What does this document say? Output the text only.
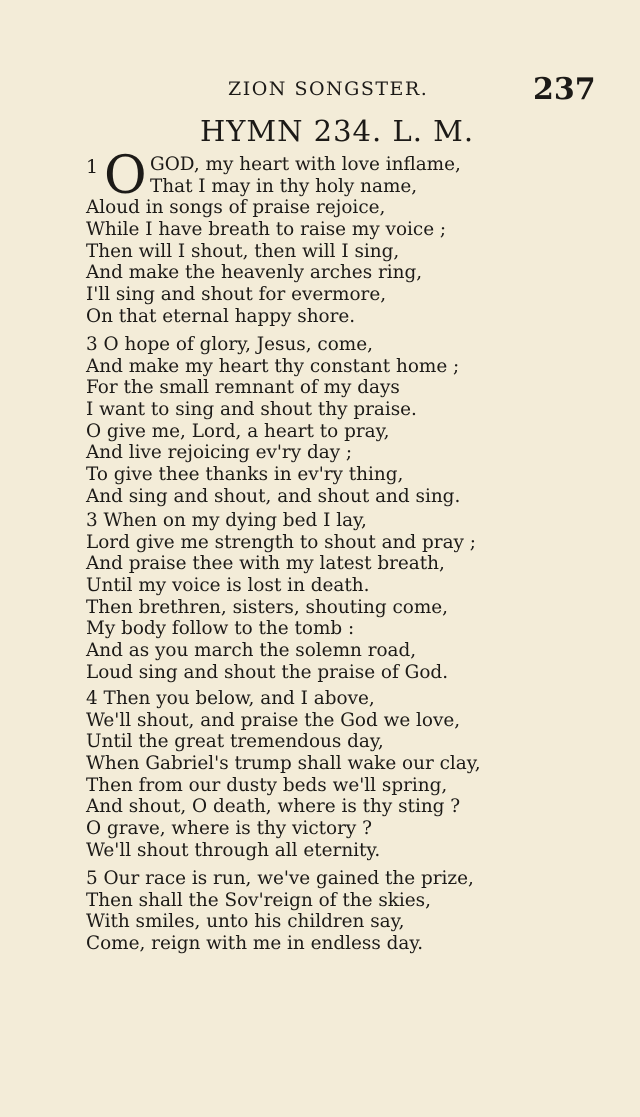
ZION SONGSTER.	237
HYMN 234. L. M.
1 O GOD, my heart with love inflame,
That I may in thy holy name,
Aloud in songs of praise rejoice,
While I have breath to raise my voice ;
Then will I shout, then will I sing,
And make the heavenly arches ring,
I'll sing and shout for evermore,
On that eternal happy shore.
3 O hope of glory, Jesus, come,
And make my heart thy constant home ;
For the small remnant of my days
I want to sing and shout thy praise.
O give me, Lord, a heart to pray,
And live rejoicing ev'ry day ;
To give thee thanks in ev'ry thing,
And sing and shout, and shout and sing.
3 When on my dying bed I lay,
Lord give me strength to shout and pray ;
And praise thee with my latest breath,
Until my voice is lost in death.
Then brethren, sisters, shouting come,
My body follow to the tomb :
And as you march the solemn road,
Loud sing and shout the praise of God.
4 Then you below, and I above,
We'll shout, and praise the God we love,
Until the great tremendous day,
When Gabriel's trump shall wake our clay,
Then from our dusty beds we'll spring,
And shout, O death, where is thy sting ?
O grave, where is thy victory ?
We'll shout through all eternity.
5 Our race is run, we've gained the prize,
Then shall the Sov'reign of the skies,
With smiles, unto his children say,
Come, reign with me in endless day.
